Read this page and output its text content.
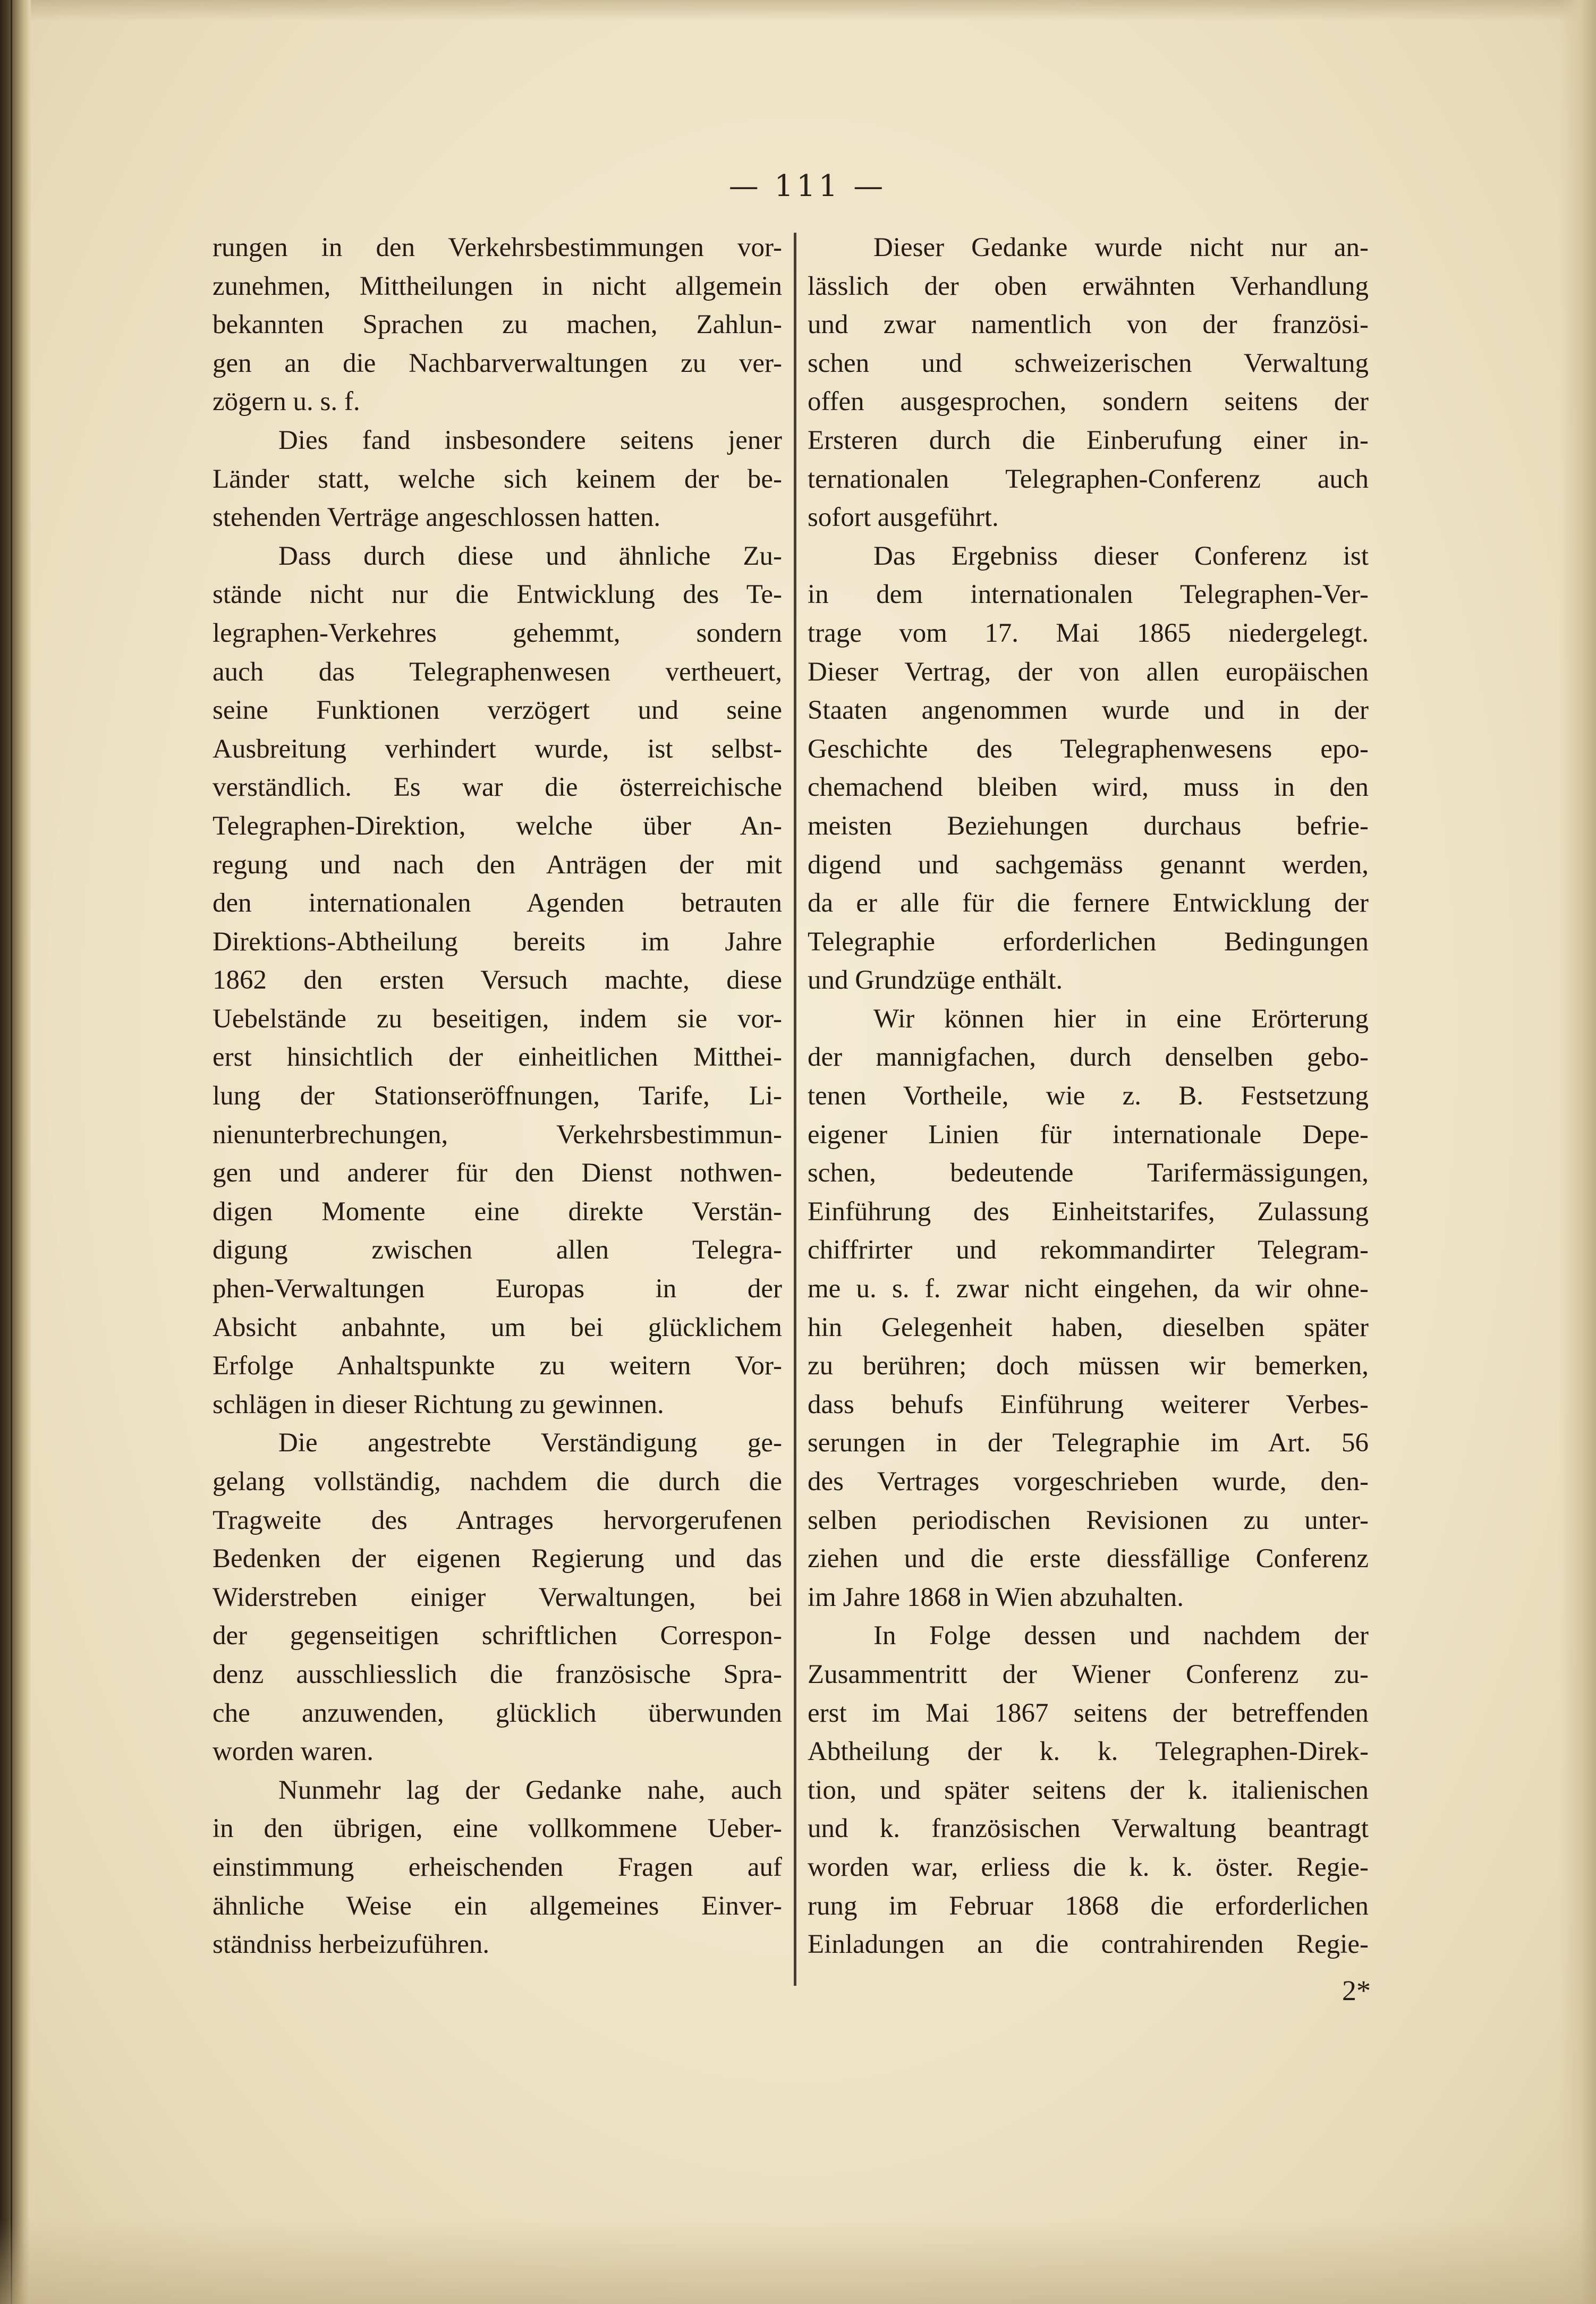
— 111 —
rungen in den Verkehrsbestimmungen vor-
zunehmen, Mittheilungen in nicht allgemein
bekannten Sprachen zu machen, Zahlun-
gen an die Nachbarverwaltungen zu ver-
zögern u. s. f.
Dies fand insbesondere seitens jener
Länder statt, welche sich keinem der be-
stehenden Verträge angeschlossen hatten.
Dass durch diese und ähnliche Zu-
stände nicht nur die Entwicklung des Te-
legraphen-Verkehres gehemmt, sondern
auch das Telegraphenwesen vertheuert,
seine Funktionen verzögert und seine
Ausbreitung verhindert wurde, ist selbst-
verständlich. Es war die österreichische
Telegraphen-Direktion, welche über An-
regung und nach den Anträgen der mit
den internationalen Agenden betrauten
Direktions-Abtheilung bereits im Jahre
1862 den ersten Versuch machte, diese
Uebelstände zu beseitigen, indem sie vor-
erst hinsichtlich der einheitlichen Mitthei-
lung der Stationseröffnungen, Tarife, Li-
nienunterbrechungen, Verkehrsbestimmun-
gen und anderer für den Dienst nothwen-
digen Momente eine direkte Verstän-
digung zwischen allen Telegra-
phen-Verwaltungen Europas in der
Absicht anbahnte, um bei glücklichem
Erfolge Anhaltspunkte zu weitern Vor-
schlägen in dieser Richtung zu gewinnen.
Die angestrebte Verständigung ge-
gelang vollständig, nachdem die durch die
Tragweite des Antrages hervorgerufenen
Bedenken der eigenen Regierung und das
Widerstreben einiger Verwaltungen, bei
der gegenseitigen schriftlichen Correspon-
denz ausschliesslich die französische Spra-
che anzuwenden, glücklich überwunden
worden waren.
Nunmehr lag der Gedanke nahe, auch
in den übrigen, eine vollkommene Ueber-
einstimmung erheischenden Fragen auf
ähnliche Weise ein allgemeines Einver-
ständniss herbeizuführen.
Dieser Gedanke wurde nicht nur an-
lässlich der oben erwähnten Verhandlung
und zwar namentlich von der französi-
schen und schweizerischen Verwaltung
offen ausgesprochen, sondern seitens der
Ersteren durch die Einberufung einer in-
ternationalen Telegraphen-Conferenz auch
sofort ausgeführt.
Das Ergebniss dieser Conferenz ist
in dem internationalen Telegraphen-Ver-
trage vom 17. Mai 1865 niedergelegt.
Dieser Vertrag, der von allen europäischen
Staaten angenommen wurde und in der
Geschichte des Telegraphenwesens epo-
chemachend bleiben wird, muss in den
meisten Beziehungen durchaus befrie-
digend und sachgemäss genannt werden,
da er alle für die fernere Entwicklung der
Telegraphie erforderlichen Bedingungen
und Grundzüge enthält.
Wir können hier in eine Erörterung
der mannigfachen, durch denselben gebo-
tenen Vortheile, wie z. B. Festsetzung
eigener Linien für internationale Depe-
schen, bedeutende Tarifermässigungen,
Einführung des Einheitstarifes, Zulassung
chiffrirter und rekommandirter Telegram-
me u. s. f. zwar nicht eingehen, da wir ohne-
hin Gelegenheit haben, dieselben später
zu berühren; doch müssen wir bemerken,
dass behufs Einführung weiterer Verbes-
serungen in der Telegraphie im Art. 56
des Vertrages vorgeschrieben wurde, den-
selben periodischen Revisionen zu unter-
ziehen und die erste diessfällige Conferenz
im Jahre 1868 in Wien abzuhalten.
In Folge dessen und nachdem der
Zusammentritt der Wiener Conferenz zu-
erst im Mai 1867 seitens der betreffenden
Abtheilung der k. k. Telegraphen-Direk-
tion, und später seitens der k. italienischen
und k. französischen Verwaltung beantragt
worden war, erliess die k. k. öster. Regie-
rung im Februar 1868 die erforderlichen
Einladungen an die contrahirenden Regie-
2*
